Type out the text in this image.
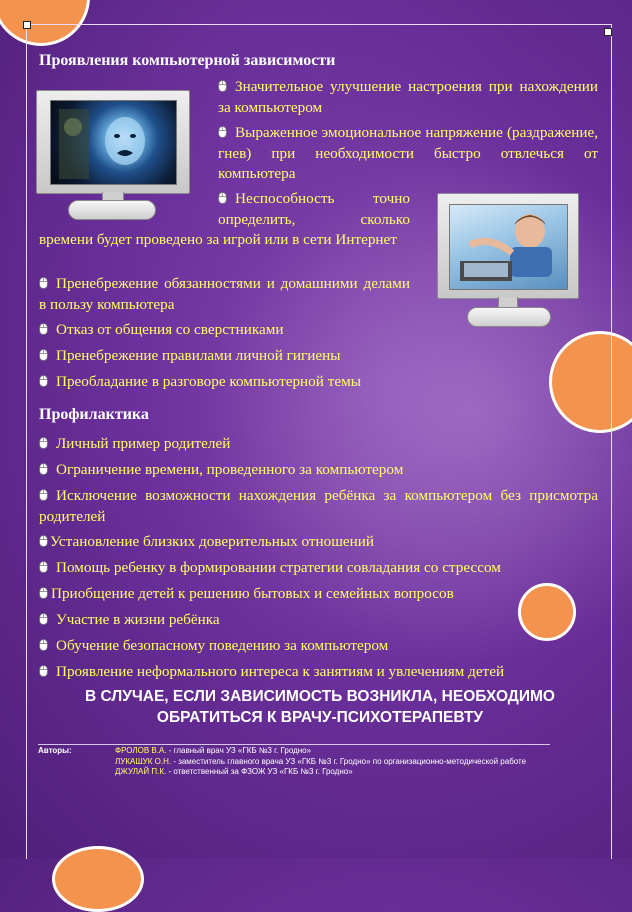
Проявления компьютерной зависимости
Значительное улучшение настроения при нахождении за компьютером
Выраженное эмоциональное напряжение (раздражение, гнев) при необходимости быстро отвлечься от компьютера
Неспособность точно определить, сколько
времени будет проведено за игрой или в сети Интернет
Пренебрежение обязанностями и домашними делами в пользу компьютера
Отказ от общения со сверстниками
Пренебрежение правилами личной гигиены
Преобладание в разговоре компьютерной темы
Профилактика
Личный пример родителей
Ограничение времени, проведенного за компьютером
Исключение возможности нахождения ребёнка за компьютером без присмотра родителей
Установление близких доверительных отношений
Помощь ребенку в формировании стратегии совладания со стрессом
Приобщение детей к решению бытовых и семейных вопросов
Участие в жизни ребёнка
Обучение безопасному поведению за компьютером
Проявление неформального интереса к занятиям и увлечениям детей
В СЛУЧАЕ, ЕСЛИ ЗАВИСИМОСТЬ ВОЗНИКЛА, НЕОБХОДИМО
ОБРАТИТЬСЯ К ВРАЧУ-ПСИХОТЕРАПЕВТУ
Авторы:	ФРОЛОВ В.А. - главный врач УЗ «ГКБ №3 г. Гродно»
ЛУКАШУК О.Н. - заместитель главного врача УЗ «ГКБ №3 г. Гродно» по организационно-методической работе
ДЖУЛАЙ П.К. - ответственный за ФЗОЖ УЗ «ГКБ №3 г. Гродно»
